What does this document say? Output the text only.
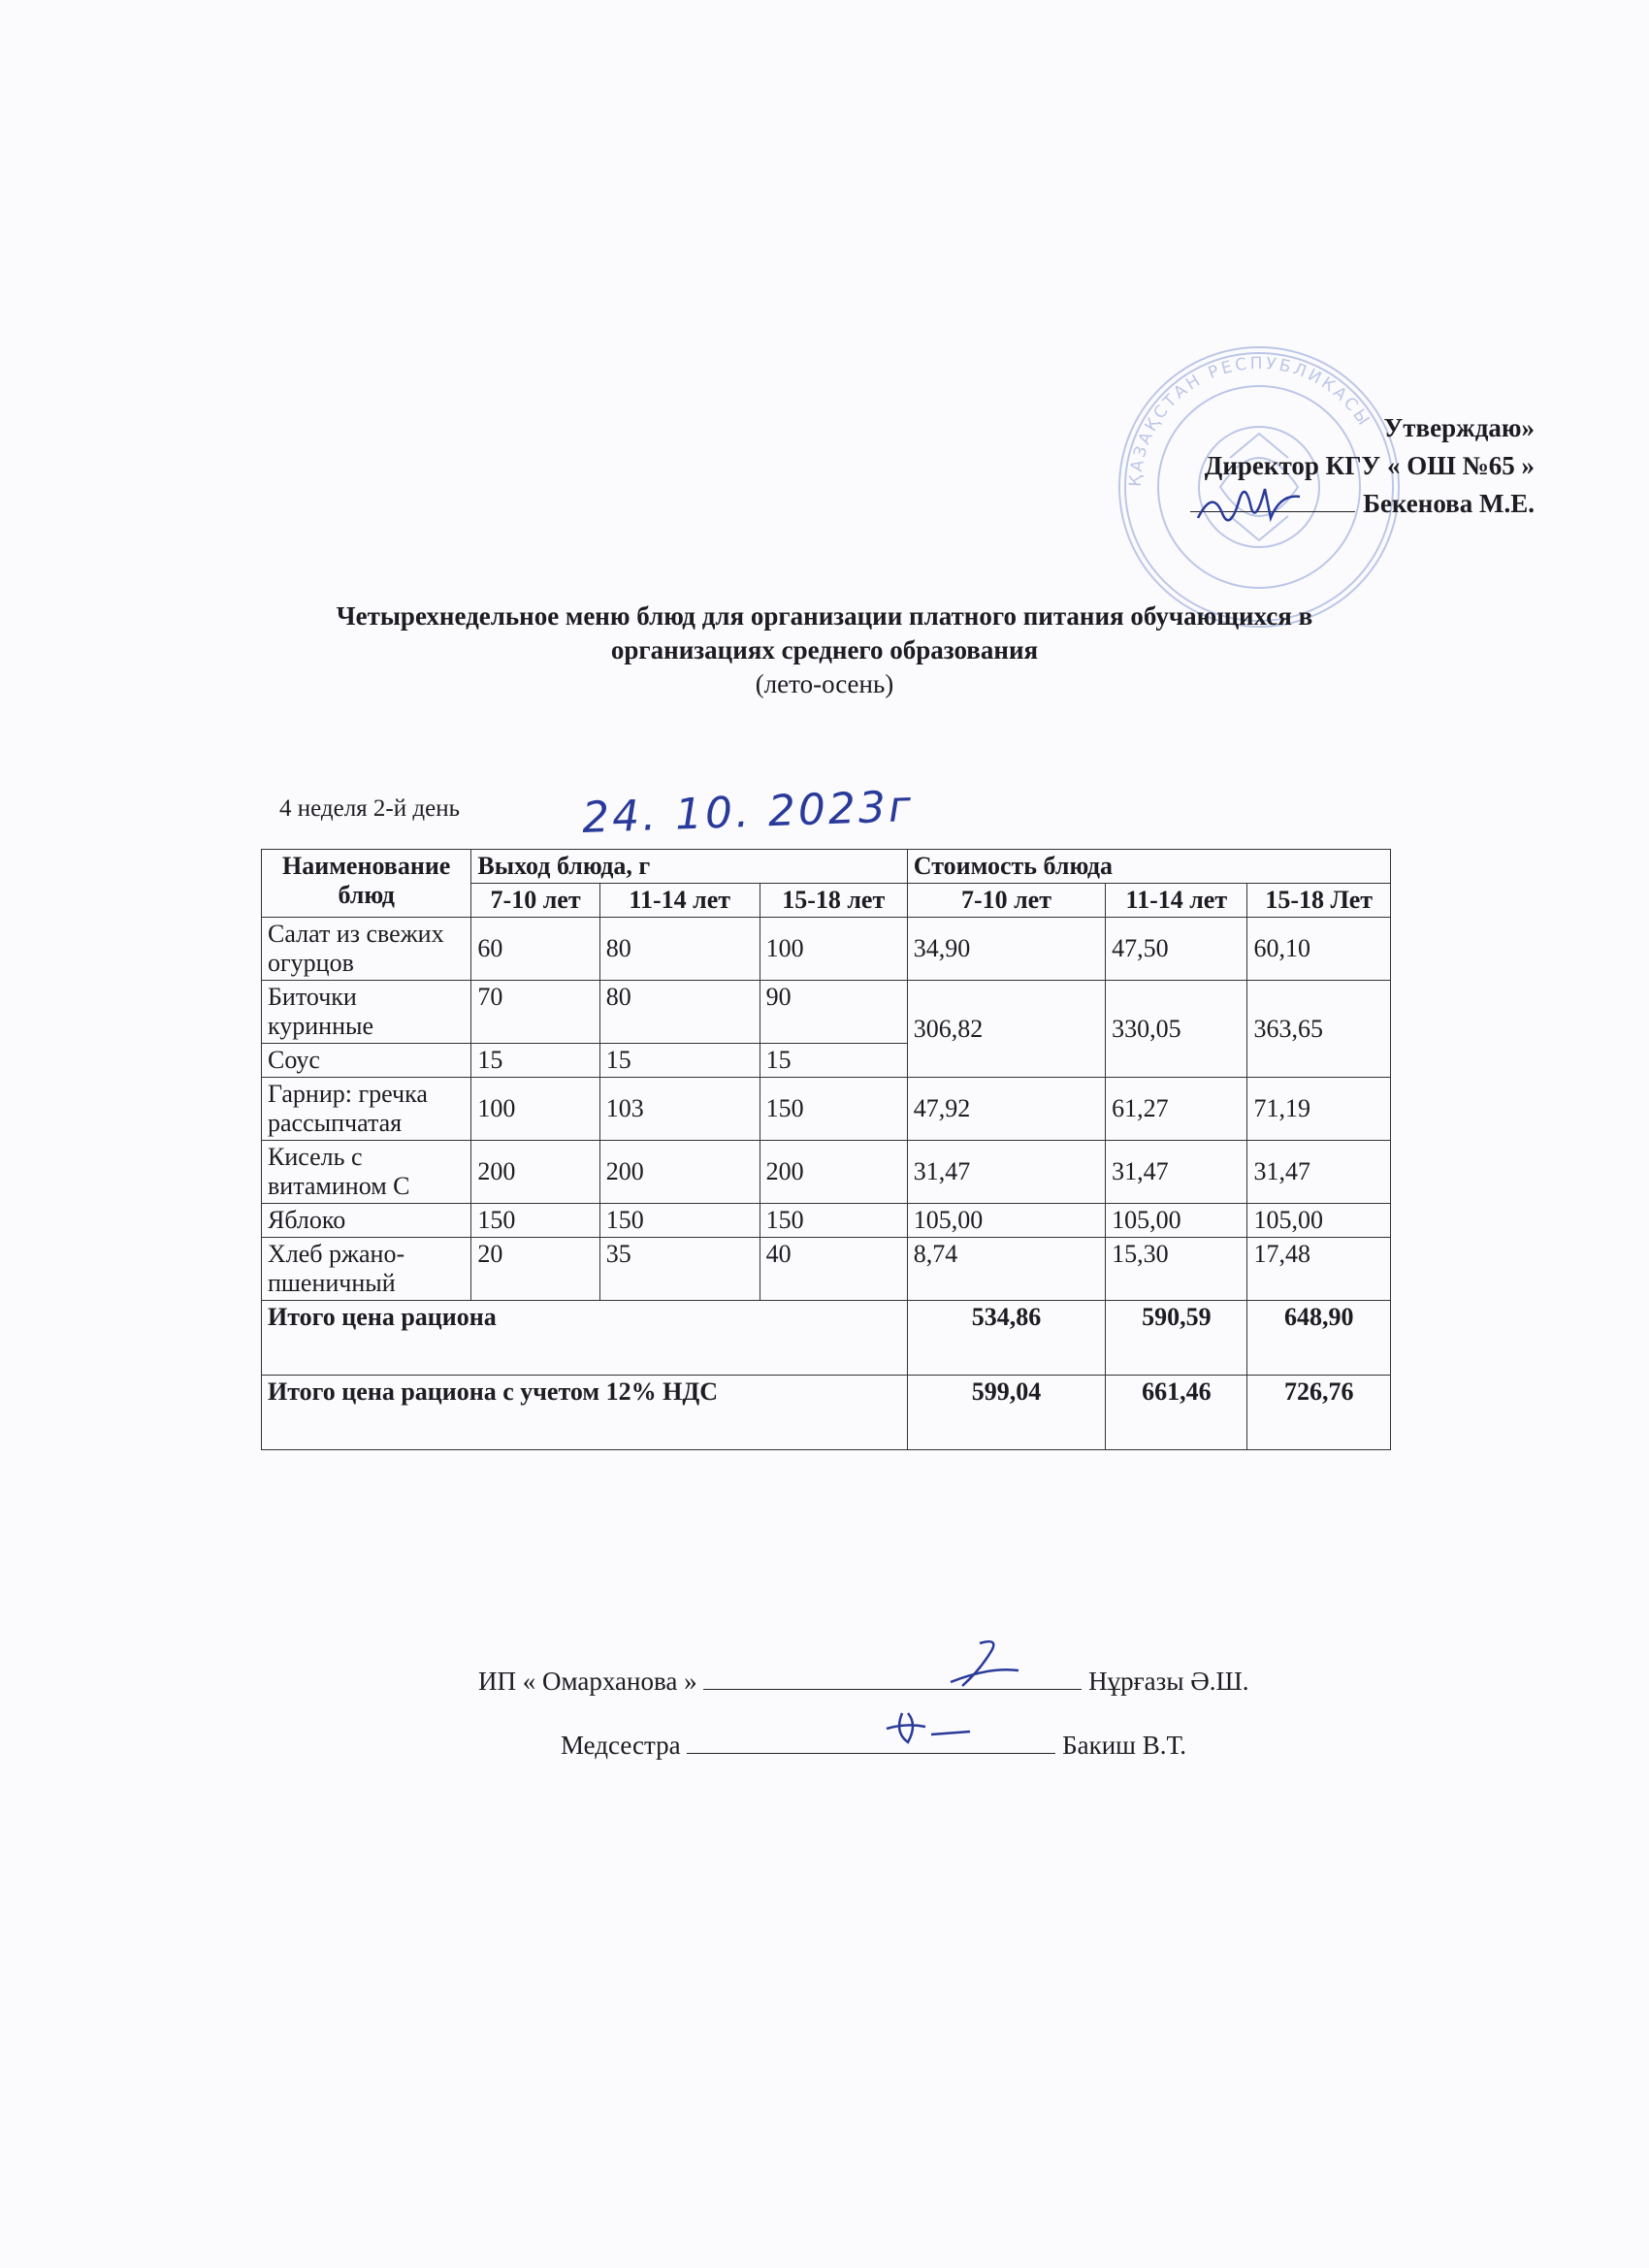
ҚАЗАҚСТАН РЕСПУБЛИКАСЫ Утверждаю»
Директор КГУ « ОШ №65 »
Бекенова М.Е.
Четырехнедельное меню блюд для организации платного питания обучающихся в
организациях среднего образования
(лето-осень)
4 неделя 2-й день	24. 10. 2023г
Наименование блюд	Выход блюда, г			Стоимость блюда		
	7-10 лет	11-14 лет	15-18 лет	7-10 лет	11-14 лет	15-18 Лет
Салат из свежих огурцов	60	80	100	34,90	47,50	60,10
Биточки куринные	70	80	90	306,82	330,05	363,65
Соус	15	15	15			
Гарнир: гречка рассыпчатая	100	103	150	47,92	61,27	71,19
Кисель с витамином С	200	200	200	31,47	31,47	31,47
Яблоко	150	150	150	105,00	105,00	105,00
Хлеб ржано-пшеничный	20	35	40	8,74	15,30	17,48
Итого цена рациона				534,86	590,59	648,90
Итого цена рациона с учетом 12% НДС				599,04	661,46	726,76
ИП « Омарханова »	Нұрғазы Ә.Ш.
Медсестра	Бакиш В.Т.
